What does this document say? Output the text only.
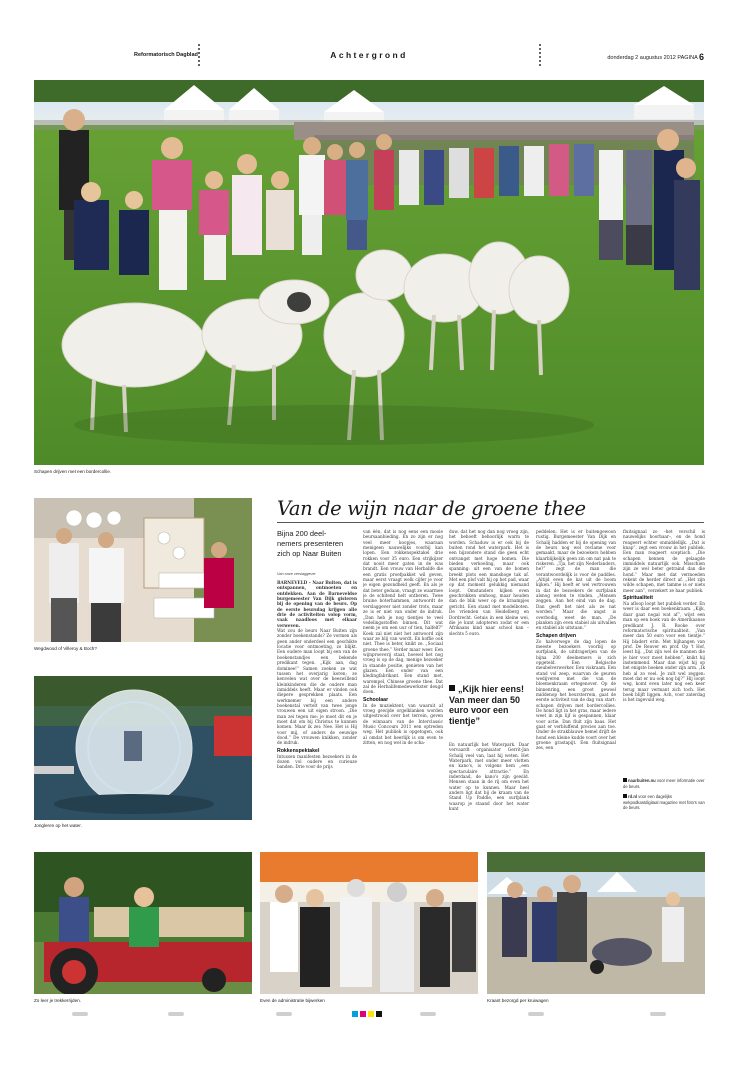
Reformatorisch Dagblad	Achtergrond	donderdag 2 augustus 2012 PAGINA 6
Schapen drijven met een bordercollie.
Wegdwood of Villeroy & Boch?
Jongleren op het water.
Van de wijn naar de groene thee
Bijna 200 deel-nemers presenteren zich op Naar Buiten
Van onze verslaggever

BARNEVELD – Naar Buiten, dat is ontspannen, ontmoeten en ontdekken. Aan de Barneveldse burgemeester Van Dijk gisteren bij de opening van de beurs. Op de eerste beursdag krijgen alle drie de activiteiten volop vorm, vaak naadloos met elkaar verweven.

Wat zou de beurs Naar Buiten zijn zonder boekenstands? Ze vormen als geen ander onderdeel een geschikte locatie voor ontmoeting, zo blijkt. Een oudere man loopt bij een van de boekenstandjes een bekende predikant tegen. „Kijk aan, dag dominee!” Samen zoeken ze wat tussen het overjarig koren; ze kenvelen wat over de heeswillend kleinkinderen die de oudere man inmiddels heeft. Maar er vinden ook diepere gesprekken plaats. Een werknemer bij een andere boekenstal vertelt van twee jonge vrouwen een uit eigen stroon. „Die man zei tegen me: je moet dit en je moet dat om bij Christus te kunnen komen. Maar ik zei: Nee. Het is Hij voor mij, of anders de eeuwige dood.” De vrouwen knikken, zonder de indruk.

Rokkenspektakel

Intussen manifesten bezoekers in de dozen vol oudere en curieuze banden. Drie voor de prijs

van één, dat is nog eens een mooie beursaanbieding. En zo zijn er nog veel meer koopjes, waaraan menigeen nauwelijks voorbij kan lopen. Een rokkenspektakel drie rokken voor 35 euro. Een strijkijzer dat nooit meer gaten in de was brandt. Een vrouw van Herbalife die een gratis proefpakket wil geven, maar eerst vraagt welk cijfer je voor je eigen gezondheid geeft. En als je dat beter gedaan, vraagt ze waarmee je de schitend helt ontberen. Twee bruine boterhammen, antwoordt de verslaggever niet zonder trots, maar ze is er niet van onder de indruk. „Dan heb je nog tientjes te veel vedelingsstoffen binnen. Dit wat neem je om een uur of tien, halfelf?” Koek zal niet niet het antwoord zijn waar ze blij van wordt. En koffie ook niet. Thee is beter, knikt ze. „Sociaal groene thee.” Verder maar weer. Een wijnproeverij staat, hoewel het nog vroeg is op de dag, menige bezoeker in staande positie, genieten van het glazen. Een onder van een kledingfabrikant. Een stand met, warempel, Chinese groene thee. Dat zal de Herbalifemedewerkster deugd doen.

Schoolaar

In de muziektent, van waaruit af vroeg gewijde orgelklanken worden uitgestrooid over het terrein, geven de winnaars van de Interclassic Music Concours 2011 een optreden weg. Het publiek is opgetogen, ook al omdat het heerlijk is om even te zitten, en nog wel in de scha-

duw, dat het nog dan nog vroeg zijn, het behoeft behoorlijk warm te worden. Schaduw is er ook bij de buiten rond het waterpark. Het is een bijzondere stand die geen echt ontvangst met hoge bomen. Die bieden verkoeling, maar ook spanning: uit een van de bomen breekt plots een manshoge tak af. Met een plof valt hij op het pad, waar op dat moment gelukkig niemand loopt. Omstanders kijken even geschrokken omhoog, maar houden dan de blik weer op de kraampjes gericht. Een stand met modelboten. De vrienden van Heidelberg en Dordrecht. Getuis in een kleine wei, die je kunt adopteren zodat er een Afrikaans kind naar school kan – slechts 5 euro.

„Kijk hier eens! Van meer dan 50 euro voor een tientje”

En natuurlijk het Waterpark. Daar vervaardt organisator Gerrit-Jan Schalij veel van, laat hij weten. Het Waterpark, met onder meer vlotten en kano's, is volgens hem „een spectaculaire attractie.” En inderdaad, de kano's zijn gewild. Mensen staan in de rij om even het water op te kunnen. Maar heel anders ligt dat bij de kraam van de Stand Up Paddle, een surfplank waarop je staand door het water kunt

peddelen. Het is er buitengewoon rustig. Burgemeester Van Dijk en Schalij hadden er bij de opening van de beurs nog wel reclame voor gemaakt, maar de bezoekers hebben klaarblijkelijk geen zin om nat pak te riskeren. „Tja, het zijn Nederlanders, he?” zegt de man die verantwoordelijk is voor de paddles. „Altijd even de kat uit de boom kijken.” Hij heeft er wel vertrouwen in dat de bezoekers de surfplank alsnog weten te vinden. „Mensen zeggen. Aan het eind van de dag. Dan geeft het niet als ze nat worden.” Maar die angst is overbodig, weet de man. „De planken zijn even stabiel als uitvallen en stabiel als uitstaan.”

Schapen drijven

Zo halverwege de dag lopen de meeste bezoekers voorbij op surfplank, de uitdragerijen van de bijna 200 deelnemers is zich opgeteld. Een Belgische meubelverwerker. Een viskraam. Een stand vol zeep, waarvan de geuren wedijveren met die van de bloemenkraam ertegenover. Op de binnenring, een groot gewoel middenop het beursterrein, gaat de eerste activiteit van de dag van start: schapen drijven met bordercollies. De hond ligt in het gras, maar iedere weet in zijn lijf is gespannen, klaar voor actie. Dan fluit zijn baas. Het gaat er verbluffend precies aan toe. Onder de strakblauwe hemel drijft de hond een kleine kudde voort over het groene grastapijt. Een fluitsignaal zes, een

fluitsignaal zo –het verschil is nauwelijks hoorbaar–, en de hond reageert echter onmiddellijk. „Dat is knap”, zegt een vrouw in het publiek. Een man reageert sceptisch. „Die schapen kennen de gelaagde immiddels natuurlijk ook. Misschien zijn ze wel beter getraind dan die hond.” Maar met dat vermoeden rekent de herder direct af. „Het zijn wilde schapen, met tamme is er niets meer aan”, verzekert ze haar publiek.

Spiritualiteit

Na afloop loopt het publiek verder. En weer is daar een boekenkraam. „Kijk, daar gaat nogal wat af”, wijst een man op een boek van de Amerikaanse predikant J. R. Rooke over reformatorische spiritualiteit. „Van meer dan 50 euro voor een tientje.” Hij bladert erin. Met hijhangen van prof. De Reuver en prof. Op 't Hof, leest hij. „Dat zijn wel de mannen die je hier voor moet hebben”, knikt hij instemmend. Maar dan wijst hij op het enigste boeken onder zijn arm. „Ik heb al zo veel. Je zult wel zeggen: moet dat er nu ook nog bij?” Hij loopt weg, komt even later nog een keer terug maar vermant zich toch. Het boek blijft liggen. Ach, voor zaterdag is het ingevuld weg.

naarbuiten.nu voor meer informatie over de beurs.

rd.nl voor een dagelijks wekpodkastdigitaal magazine met foto's van de beurs.

Zo leer je trekkerrijden.	Even de administratie bijwerken	Kraant bezorgd per kruiwagen
